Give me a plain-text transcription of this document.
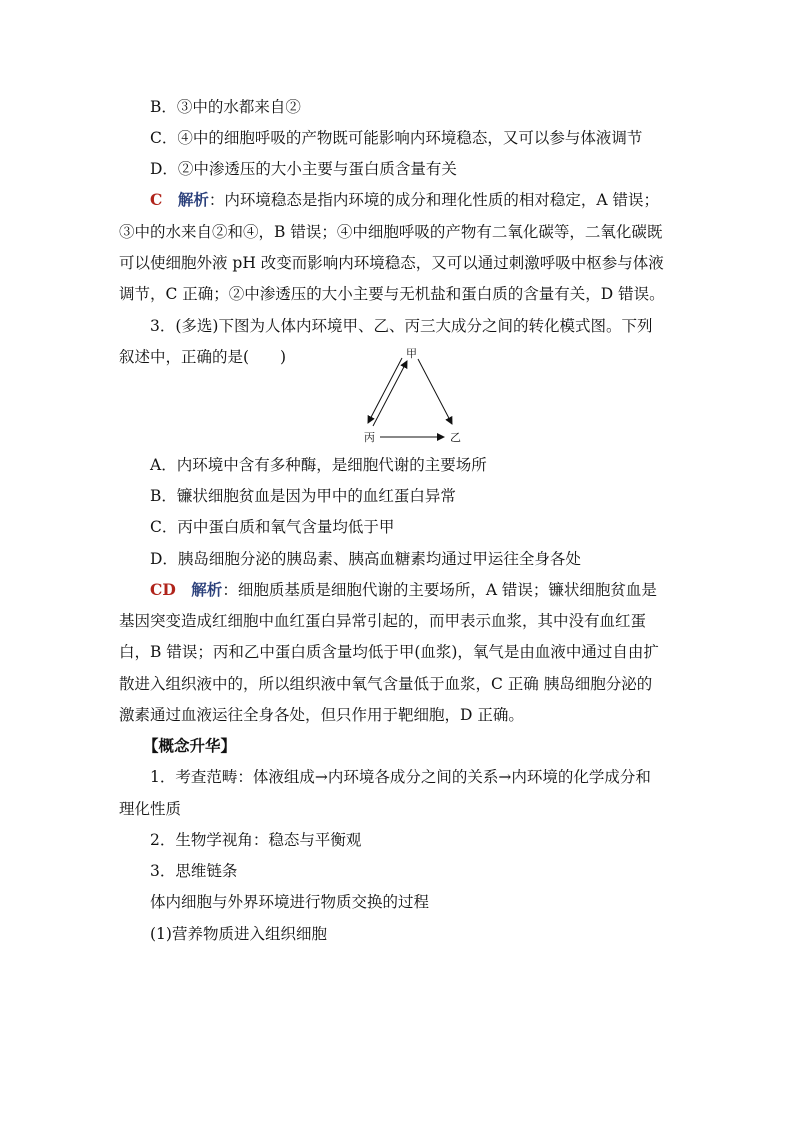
B．③中的水都来自②
C．④中的细胞呼吸的产物既可能影响内环境稳态，又可以参与体液调节
D．②中渗透压的大小主要与蛋白质含量有关
C　 解析：内环境稳态是指内环境的成分和理化性质的相对稳定，A 错误；
③中的水来自②和④，B 错误；④中细胞呼吸的产物有二氧化碳等，二氧化碳既
可以使细胞外液 pH 改变而影响内环境稳态，又可以通过刺激呼吸中枢参与体液
调节，C 正确；②中渗透压的大小主要与无机盐和蛋白质的含量有关，D 错误。
3．(多选)下图为人体内环境甲、乙、丙三大成分之间的转化模式图。下列
叙述中，正确的是(　　)	甲
丙	乙
A．内环境中含有多种酶，是细胞代谢的主要场所
B．镰状细胞贫血是因为甲中的血红蛋白异常
C．丙中蛋白质和氧气含量均低于甲
D．胰岛细胞分泌的胰岛素、胰高血糖素均通过甲运往全身各处
CD　 解析：细胞质基质是细胞代谢的主要场所，A 错误；镰状细胞贫血是
基因突变造成红细胞中血红蛋白异常引起的，而甲表示血浆，其中没有血红蛋
白，B 错误；丙和乙中蛋白质含量均低于甲(血浆)，氧气是由血液中通过自由扩
散进入组织液中的，所以组织液中氧气含量低于血浆，C 正确 胰岛细胞分泌的
激素通过血液运往全身各处，但只作用于靶细胞，D 正确。
【概念升华】
1．考查范畴：体液组成→内环境各成分之间的关系→内环境的化学成分和
理化性质
2．生物学视角：稳态与平衡观
3．思维链条
体内细胞与外界环境进行物质交换的过程
(1)营养物质进入组织细胞
